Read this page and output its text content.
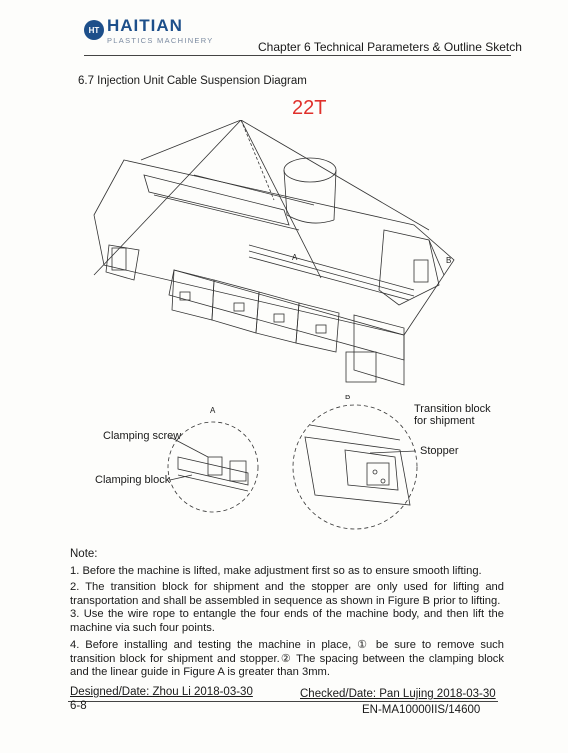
HT HAITIAN
PLASTICS MACHINERY	Chapter 6 Technical Parameters & Outline Sketch
6.7 Injection Unit Cable Suspension Diagram
22T
A	B
A
B
Clamping screw
Clamping block
Transition block
for shipment
Stopper
Note:
1. Before the machine is lifted, make adjustment first so as to ensure smooth lifting.
2. The transition block for shipment and the stopper are only used for lifting and transportation and shall be assembled in sequence as shown in Figure B prior to lifting.
3. Use the wire rope to entangle the four ends of the machine body, and then lift the machine via such four points.
4. Before installing and testing the machine in place, ① be sure to remove such transition block for shipment and stopper.② The spacing between the clamping block and the linear guide in Figure A is greater than 3mm.
Designed/Date: Zhou Li 2018-03-30	Checked/Date: Pan Lujing 2018-03-30
6-8	EN-MA10000IIS/14600
